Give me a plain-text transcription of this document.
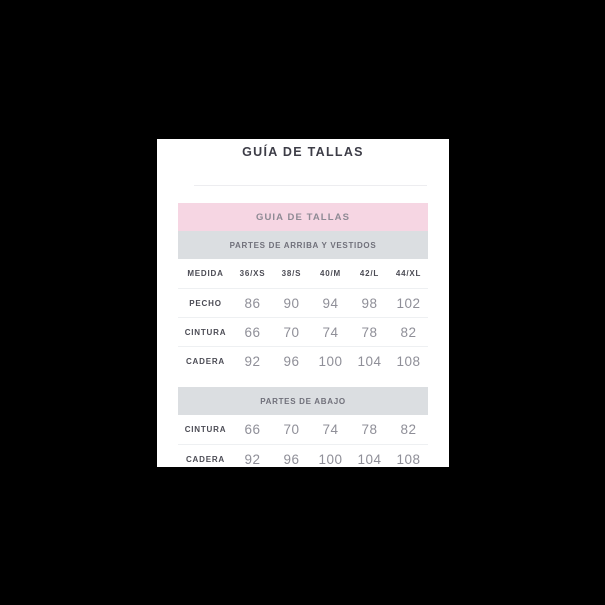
GUÍA DE TALLAS
GUIA DE TALLAS
PARTES DE ARRIBA Y VESTIDOS
MEDIDA	36/XS	38/S	40/M	42/L	44/XL
PECHO	86	90	94	98	102
CINTURA	66	70	74	78	82
CADERA	92	96	100	104	108
PARTES DE ABAJO
CINTURA	66	70	74	78	82
CADERA	92	96	100	104	108
